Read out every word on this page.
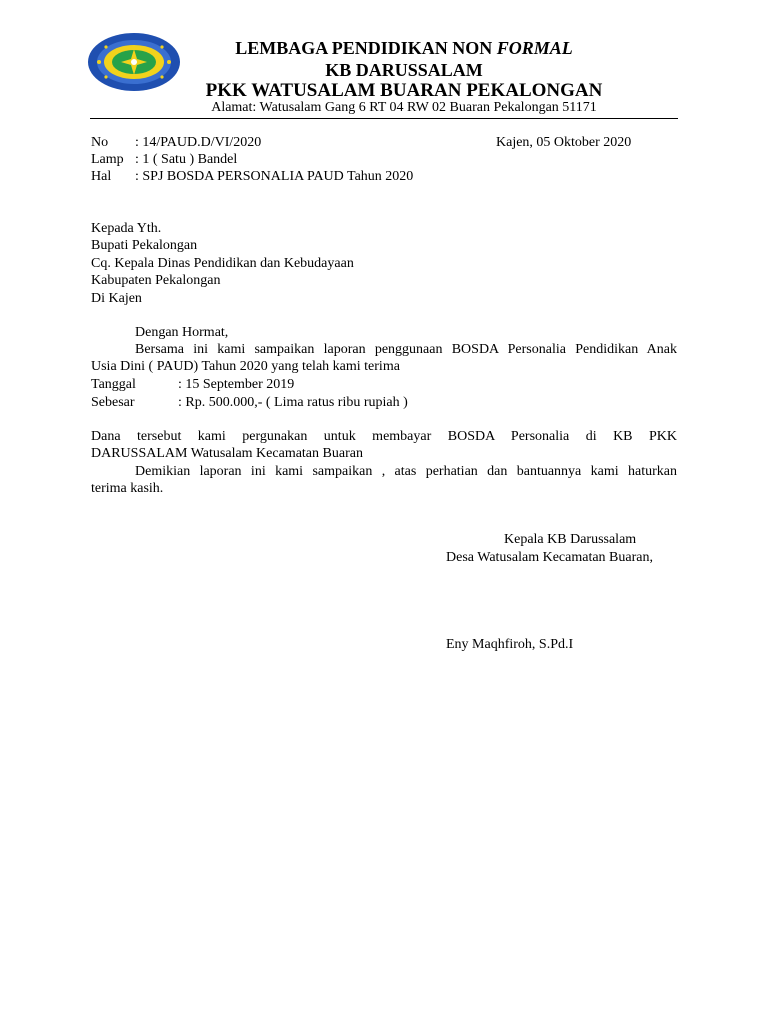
LEMBAGA PENDIDIKAN NON FORMAL
KB DARUSSALAM
PKK WATUSALAM BUARAN PEKALONGAN
Alamat: Watusalam Gang 6 RT 04 RW 02 Buaran Pekalongan 51171
No : 14/PAUD.D/VI/2020	Kajen, 05 Oktober 2020
Lamp : 1 ( Satu ) Bandel
Hal : SPJ BOSDA PERSONALIA PAUD Tahun 2020
Kepada Yth.
Bupati Pekalongan
Cq. Kepala Dinas Pendidikan dan Kebudayaan
Kabupaten Pekalongan
Di Kajen
Dengan Hormat,
Bersama ini kami sampaikan laporan penggunaan BOSDA Personalia Pendidikan Anak
Usia Dini ( PAUD) Tahun 2020 yang telah kami terima
Tanggal	: 15 September 2019
Sebesar	: Rp. 500.000,- ( Lima ratus ribu rupiah )
Dana tersebut kami pergunakan untuk membayar BOSDA Personalia di KB PKK
DARUSSALAM Watusalam Kecamatan Buaran
Demikian laporan ini kami sampaikan , atas perhatian dan bantuannya kami haturkan
terima kasih.
Kepala KB Darussalam
Desa Watusalam Kecamatan Buaran,
Eny Maqhfiroh, S.Pd.I
